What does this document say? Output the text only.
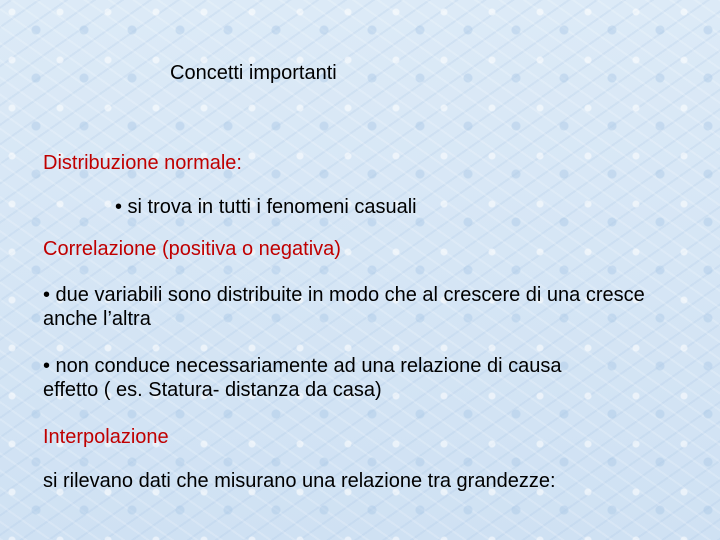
Concetti importanti

Distribuzione normale:

• si trova in tutti i fenomeni casuali

Correlazione (positiva o negativa)

• due variabili sono distribuite in modo che al crescere di una cresce anche l’altra

• non conduce necessariamente ad una relazione di causa effetto ( es. Statura- distanza da casa)

Interpolazione

si rilevano dati che misurano una relazione tra grandezze:
